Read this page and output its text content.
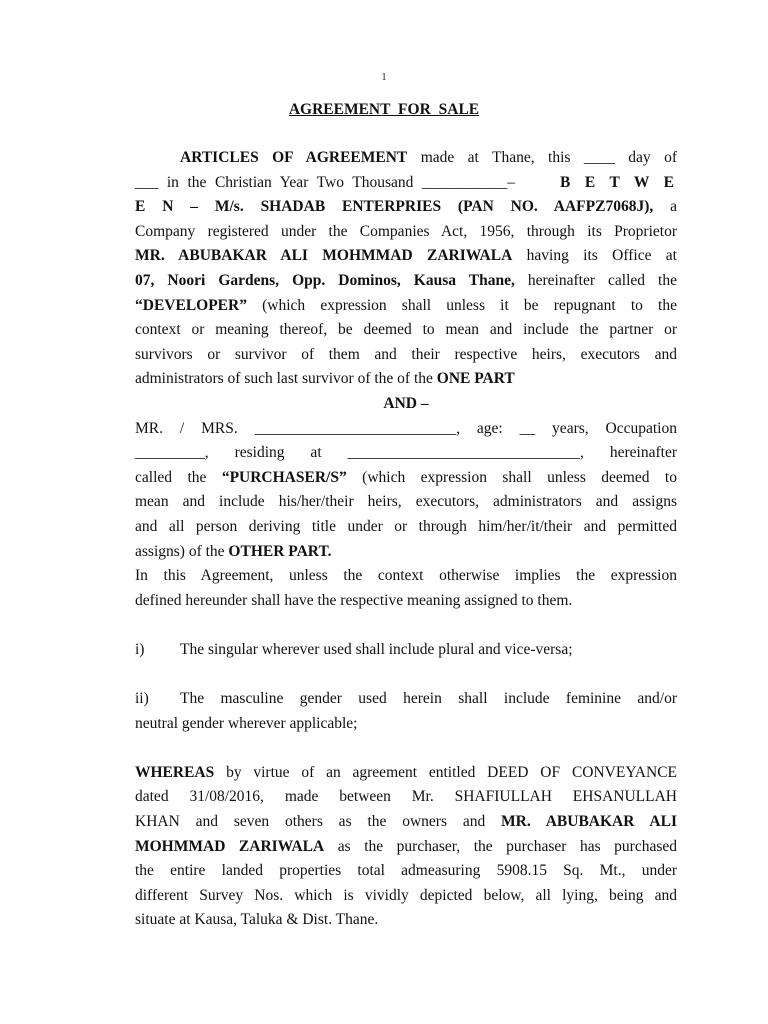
1
AGREEMENT FOR SALE
ARTICLES OF AGREEMENT made at Thane, this ____ day of
___ in the Christian Year Two Thousand ___________–	B E T W E
E N – M/s. SHADAB ENTERPRIES (PAN NO. AAFPZ7068J), a
Company registered under the Companies Act, 1956, through its Proprietor
MR. ABUBAKAR ALI MOHMMAD ZARIWALA having its Office at
07, Noori Gardens, Opp. Dominos, Kausa Thane, hereinafter called the
“DEVELOPER” (which expression shall unless it be repugnant to the
context or meaning thereof, be deemed to mean and include the partner or
survivors or survivor of them and their respective heirs, executors and
administrators of such last survivor of the of the ONE PART
AND –
MR. / MRS. __________________________, age: __ years, Occupation
_________, residing at ______________________________, hereinafter
called the “PURCHASER/S” (which expression shall unless deemed to
mean and include his/her/their heirs, executors, administrators and assigns
and all person deriving title under or through him/her/it/their and permitted
assigns) of the OTHER PART.
In this Agreement, unless the context otherwise implies the expression
defined hereunder shall have the respective meaning assigned to them.
i)	The singular wherever used shall include plural and vice-versa;
ii)	The masculine gender used herein shall include feminine and/or
neutral gender wherever applicable;
WHEREAS by virtue of an agreement entitled DEED OF CONVEYANCE
dated 31/08/2016, made between Mr. SHAFIULLAH EHSANULLAH
KHAN and seven others as the owners and MR. ABUBAKAR ALI
MOHMMAD ZARIWALA as the purchaser, the purchaser has purchased
the entire landed properties total admeasuring 5908.15 Sq. Mt., under
different Survey Nos. which is vividly depicted below, all lying, being and
situate at Kausa, Taluka & Dist. Thane.
